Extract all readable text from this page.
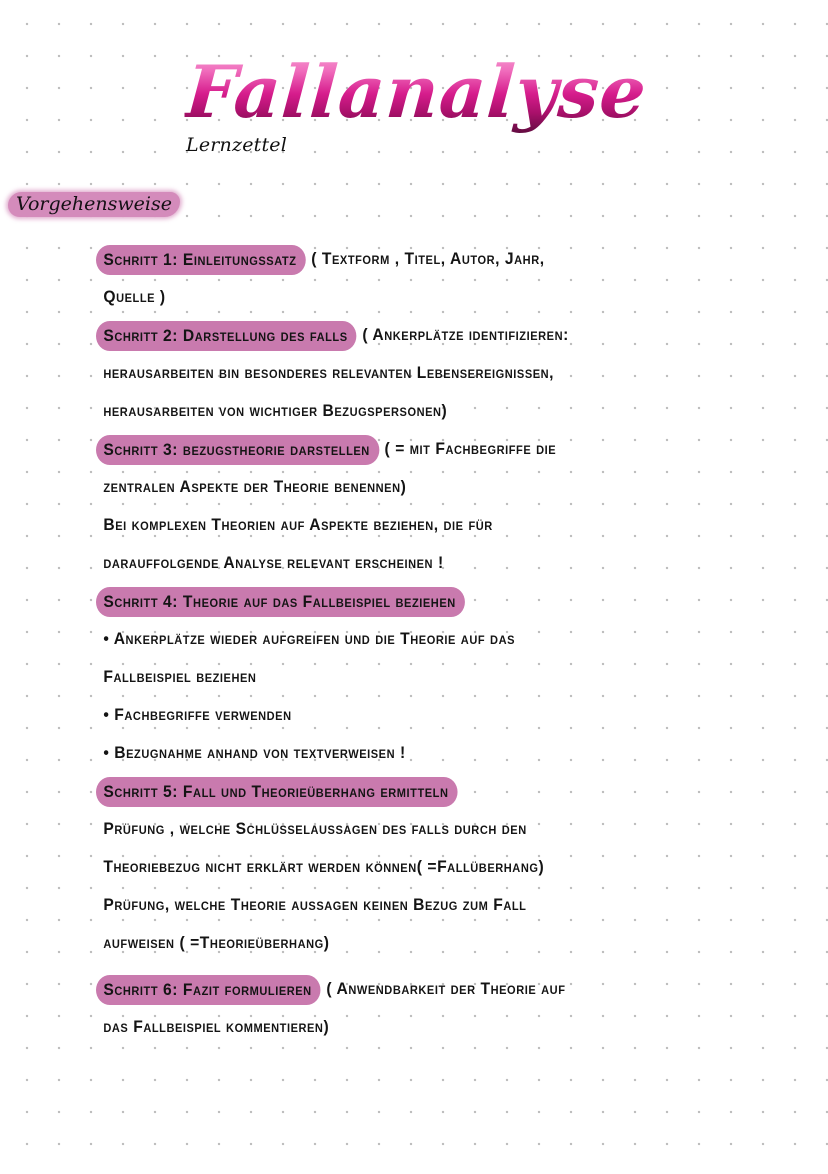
Fallanalyse
Lernzettel
Vorgehensweise
Schritt 1: Einleitungssatz ( Textform , Titel, Autor, Jahr,
Quelle )
Schritt 2: Darstellung des falls ( Ankerplätze identifizieren:
herausarbeiten bin besonderes relevanten Lebensereignissen,
herausarbeiten von wichtiger Bezugspersonen)
Schritt 3: bezugstheorie darstellen ( = mit Fachbegriffe die
zentralen Aspekte der Theorie benennen)
Bei komplexen Theorien auf Aspekte beziehen, die für
darauffolgende Analyse relevant erscheinen !
Schritt 4: Theorie auf das Fallbeispiel beziehen
• Ankerplätze wieder aufgreifen und die Theorie auf das
Fallbeispiel beziehen
• Fachbegriffe verwenden
• Bezugnahme anhand von textverweisen !
Schritt 5: Fall und Theorieüberhang ermitteln
Prüfung , welche Schlüsselaussagen des falls durch den
Theoriebezug nicht erklärt werden können( =Fallüberhang)
Prüfung, welche Theorie aussagen keinen Bezug zum Fall
aufweisen ( =Theorieüberhang)
Schritt 6: Fazit formulieren ( Anwendbarkeit der Theorie auf
das Fallbeispiel kommentieren)
